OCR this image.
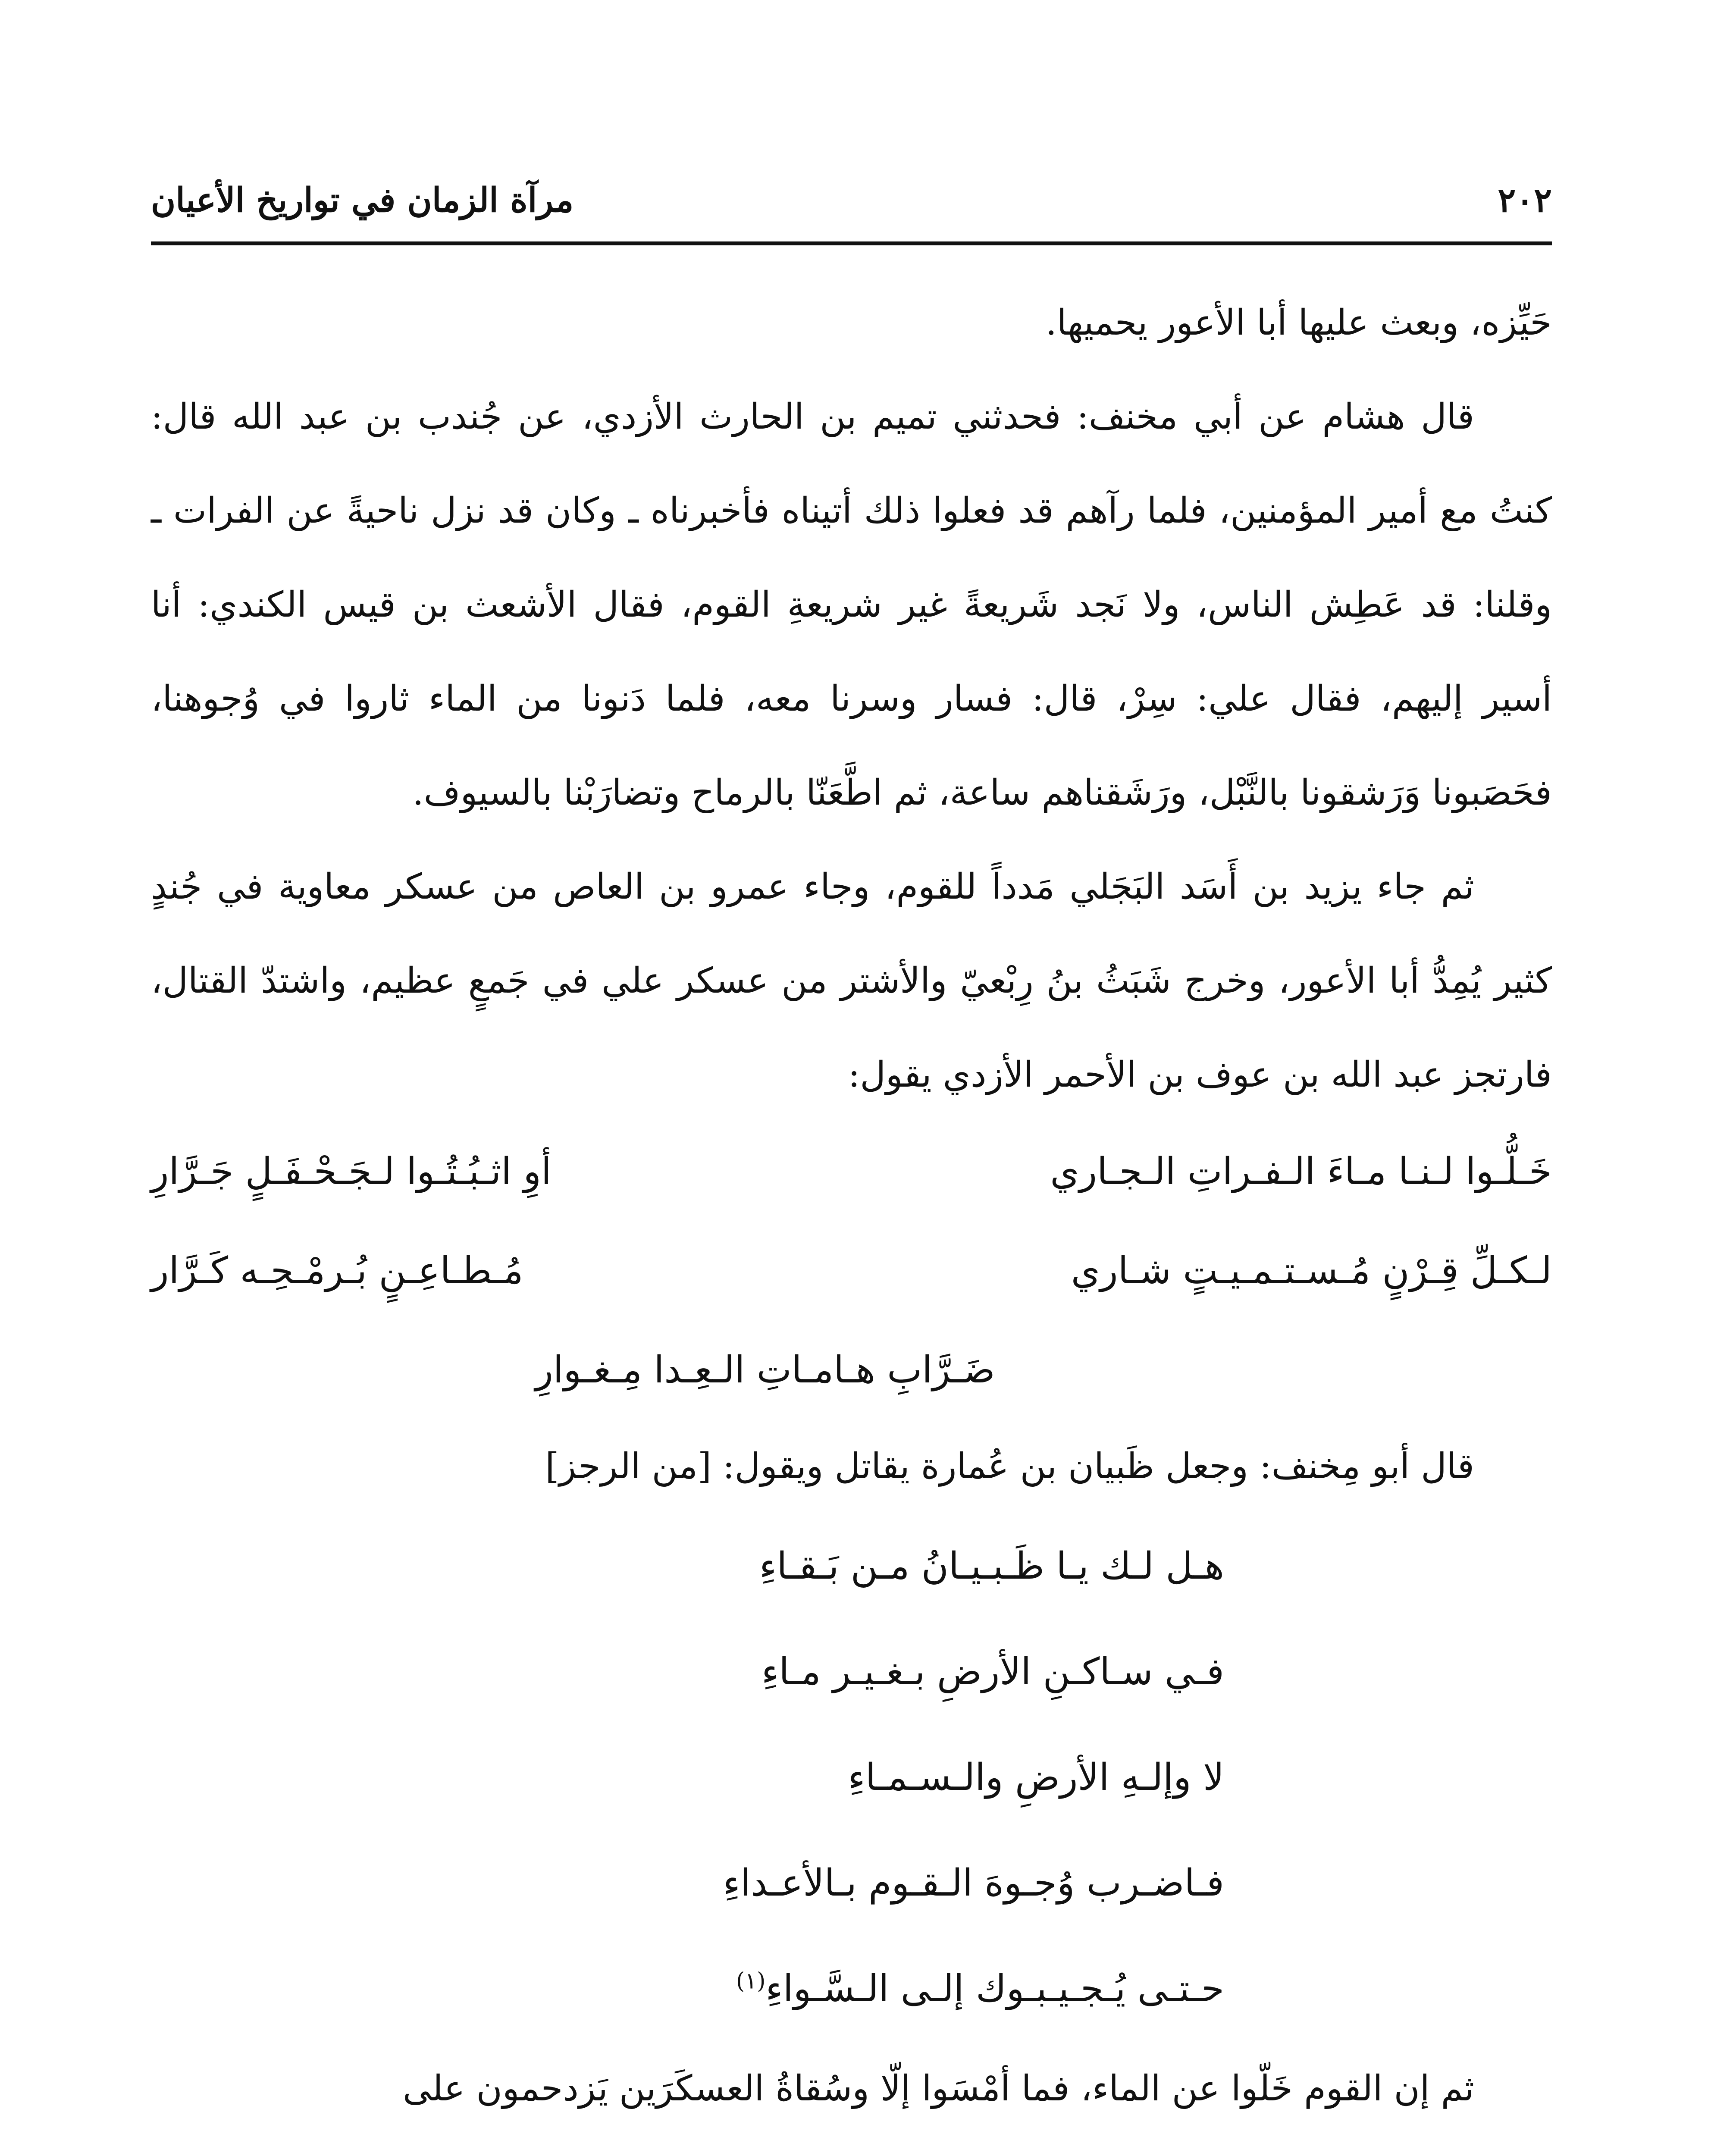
٢٠٢
مرآة الزمان في تواريخ الأعيان

حَيِّزه، وبعث عليها أبا الأعور يحميها.

قال هشام عن أبي مخنف: فحدثني تميم بن الحارث الأزدي، عن جُندب بن عبد الله قال: كنتُ مع أمير المؤمنين، فلما رآهم قد فعلوا ذلك أتيناه فأخبرناه ـ وكان قد نزل ناحيةً عن الفرات ـ وقلنا: قد عَطِش الناس، ولا نَجد شَريعةً غير شريعةِ القوم، فقال الأشعث بن قيس الكندي: أنا أسير إليهم، فقال علي: سِرْ، قال: فسار وسرنا معه، فلما دَنونا من الماء ثاروا في وُجوهنا، فحَصَبونا وَرَشقونا بالنَّبْل، ورَشَقناهم ساعة، ثم اطَّعَنّا بالرماح وتضارَبْنا بالسيوف.

ثم جاء يزيد بن أَسَد البَجَلي مَدداً للقوم، وجاء عمرو بن العاص من عسكر معاوية في جُندٍ كثير يُمِدُّ أبا الأعور، وخرج شَبَثُ بنُ رِبْعيّ والأشتر من عسكر علي في جَمعٍ عظيم، واشتدّ القتال، فارتجز عبد الله بن عوف بن الأحمر الأزدي يقول:

خَـلُّـوا لـنـا مـاءَ الـفـراتِ الـجـاري
أوِ اثـبُـتُـوا لـجَـحْـفَـلٍ جَـرَّارِ
لـكـلِّ قِـرْنٍ مُـسـتـمـيـتٍ شـاري
مُـطـاعِـنٍ بُـرمْـحِـه كَـرَّار
ضَـرَّابِ هـامـاتِ الـعِـدا مِـغـوارِ

قال أبو مِخنف: وجعل ظَبيان بن عُمارة يقاتل ويقول: [من الرجز]

هـل لـك يـا ظَـبـيـانُ مـن بَـقـاءِ
فـي سـاكـنِ الأرضِ بـغـيـر مـاءِ
لا وإلـهِ الأرضِ والـسـمـاءِ
فـاضـرب وُجـوهَ الـقـوم بـالأعـداءِ
حـتـى يُـجـيـبـوك إلـى الـسَّـواءِ$^{(١)}$

ثم إن القوم خَلّوا عن الماء، فما أمْسَوا إلّا وسُقاةُ العسكَرَين يَزدحمون على
